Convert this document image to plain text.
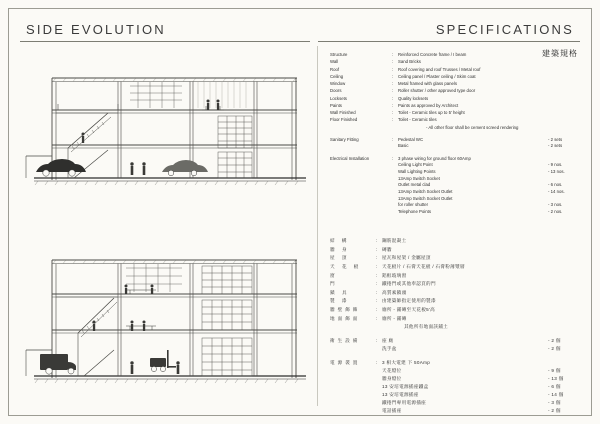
SIDE EVOLUTION	SPECIFICATIONS
建築規格
Structure	:	Reinforced Concrete frame / I beam
Wall	:	Sand Bricks
Roof	:	Roof covering and roof Trusses / Metal roof
Ceiling	:	Ceiling panel / Plaster ceiling / Skim coat
Window	:	Metal framed with glass panels
Doors	:	Roller shutter / other approved type door
Locksets	:	Quality locksets
Paints	:	Paints as approved by Architect
Wall Finished	:	Toilet - Ceramic tiles up to 5' height
Floor Finished	:	Toilet - Ceramic tiles
- All other floor shall be cement screed rendering
Sanitary Fitting	:	Pedestal WC	- 2 sets
Basic	- 2 sets
Electrical Installation	:	3 phase wiring for ground floor 60Amp
Ceiling Light Point	- 9 nos.
Wall Lighting Points	- 13 nos.
13Amp Switch Socket
Outlet metal clad	- 6 nos.
13Amp Switch Socket Outlet	- 14 nos.
13Amp Switch Socket Outlet
for roller shutter	- 3 nos.
Telephone Points	- 2 nos.
結 構	:	鋼筋混凝土
牆 身	:	磚牆
屋 頂	:	屋瓦和屋架 / 金屬屋頂
天 花 板	:	天花板片 / 石膏天花板 / 石膏粉薄漿層
窗	:	鋁框玻璃窗
門	:	鐵捲門或其他奉認頁的門
鎖 具	:	高質素鎖頭
製 漆	:	由建築師指定使用的製漆
牆壁飾飾	:	廁所 - 鋪磚至天花板5'高
地面飾面	:	廁所 - 鋪磚
其他所有地面該鋪土
衛生設備	:	座 廁	- 2 個
洗手盆	- 2 個
電源裝置	:	3 相大電建 下 50Amp
天花燈位	- 9 個
牆身燈位	- 13 個
13 安培電源插座鐵盒	- 6 個
13 安培電源插座	- 14 個
鐵捲門專用電源插座	- 3 個
電話插座	- 2 個
